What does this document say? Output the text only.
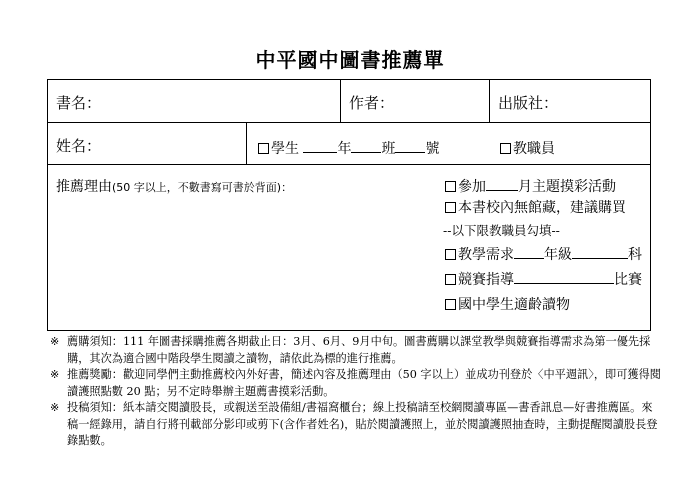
中平國中圖書推薦單
書名：	作者：	出版社：
姓名：	學生	年 班 號	教職員
推薦理由(50 字以上，不數書寫可書於背面)：	參加 月主題摸彩活動
本書校內無館藏，建議購買
--以下限教職員勾填--
教學需求 年級	科
競賽指導	比賽
國中學生適齡讀物
※ 薦購須知：111 年圖書採購推薦各期截止日：3月、6月、9月中旬。圖書薦購以課堂教學與競賽指導需求為第一優先採購，其次為適合國中階段學生閱讀之讀物，請依此為標的進行推薦。
※ 推薦獎勵：歡迎同學們主動推薦校內外好書，簡述內容及推薦理由（50 字以上）並成功刊登於〈中平週訊〉，即可獲得閱讀護照點數 20 點；另不定時舉辦主題薦書摸彩活動。
※ 投稿須知：紙本請交閱讀股長，或親送至設備組/書福窩櫃台；線上投稿請至校網閱讀專區—書香訊息—好書推薦區。來稿一經錄用，請自行將刊載部分影印或剪下(含作者姓名)，貼於閱讀護照上，並於閱讀護照抽查時，主動提醒閱讀股長登錄點數。
